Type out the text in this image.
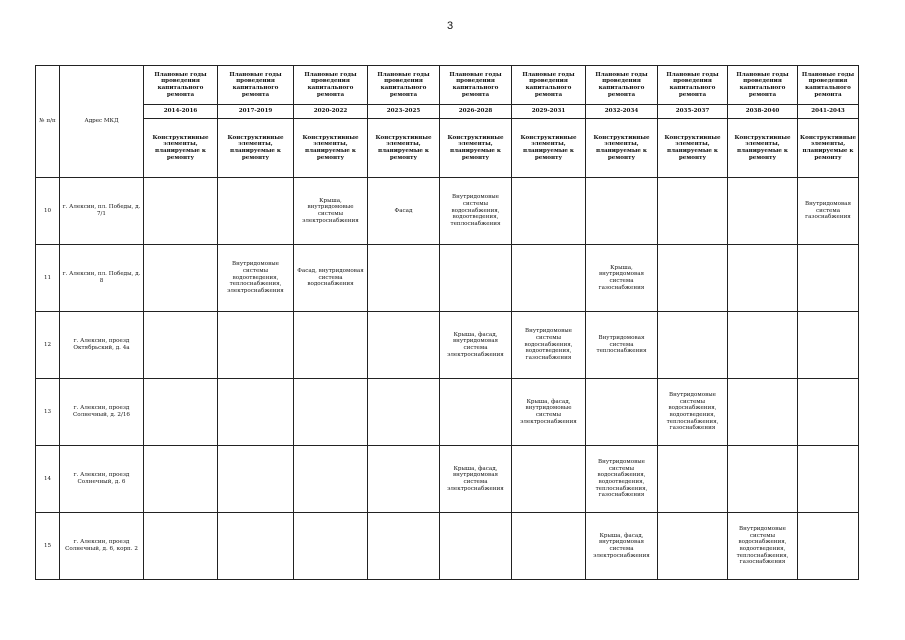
3
№ п/п	Адрес МКД	Плановые годы проведения капитального ремонта	Плановые годы проведения капитального ремонта	Плановые годы проведения капитального ремонта	Плановые годы проведения капитального ремонта	Плановые годы проведения капитального ремонта	Плановые годы проведения капитального ремонта	Плановые годы проведения капитального ремонта	Плановые годы проведения капитального ремонта	Плановые годы проведения капитального ремонта	Плановые годы проведения капитального ремонта
		2014-2016	2017-2019	2020-2022	2023-2025	2026-2028	2029-2031	2032-2034	2035-2037	2038-2040	2041-2043
		Конструктивные элементы, планируемые к ремонту	Конструктивные элементы, планируемые к ремонту	Конструктивные элементы, планируемые к ремонту	Конструктивные элементы, планируемые к ремонту	Конструктивные элементы, планируемые к ремонту	Конструктивные элементы, планируемые к ремонту	Конструктивные элементы, планируемые к ремонту	Конструктивные элементы, планируемые к ремонту	Конструктивные элементы, планируемые к ремонту	Конструктивные элементы, планируемые к ремонту
10	г. Алексин, пл. Победы, д. 7/1			Крыша, внутридомовые системы электроснабжения	Фасад	Внутридомовые системы водоснабжения, водоотведения, теплоснабжения					Внутридомовая система газоснабжения
11	г. Алексин, пл. Победы, д. 8		Внутридомовые системы водоотведения, теплоснабжения, электроснабжения	Фасад, внутридомовая система водоснабжения				Крыша, внутридомовая система газоснабжения			
12	г. Алексин, проезд Октябрьский, д. 4а					Крыша, фасад, внутридомовая система электроснабжения	Внутридомовые системы водоснабжения, водоотведения, газоснабжения	Внутридомовая система теплоснабжения			
13	г. Алексин, проезд Солнечный, д. 2/16						Крыша, фасад, внутридомовые системы электроснабжения		Внутридомовые системы водоснабжения, водоотведения, теплоснабжения, газоснабжения		
14	г. Алексин, проезд Солнечный, д. 6					Крыша, фасад, внутридомовая система электроснабжения		Внутридомовые системы водоснабжения, водоотведения, теплоснабжения, газоснабжения			
15	г. Алексин, проезд Солнечный, д. 6, корп. 2							Крыша, фасад, внутридомовая система электроснабжения		Внутридомовые системы водоснабжения, водоотведения, теплоснабжения, газоснабжения	
